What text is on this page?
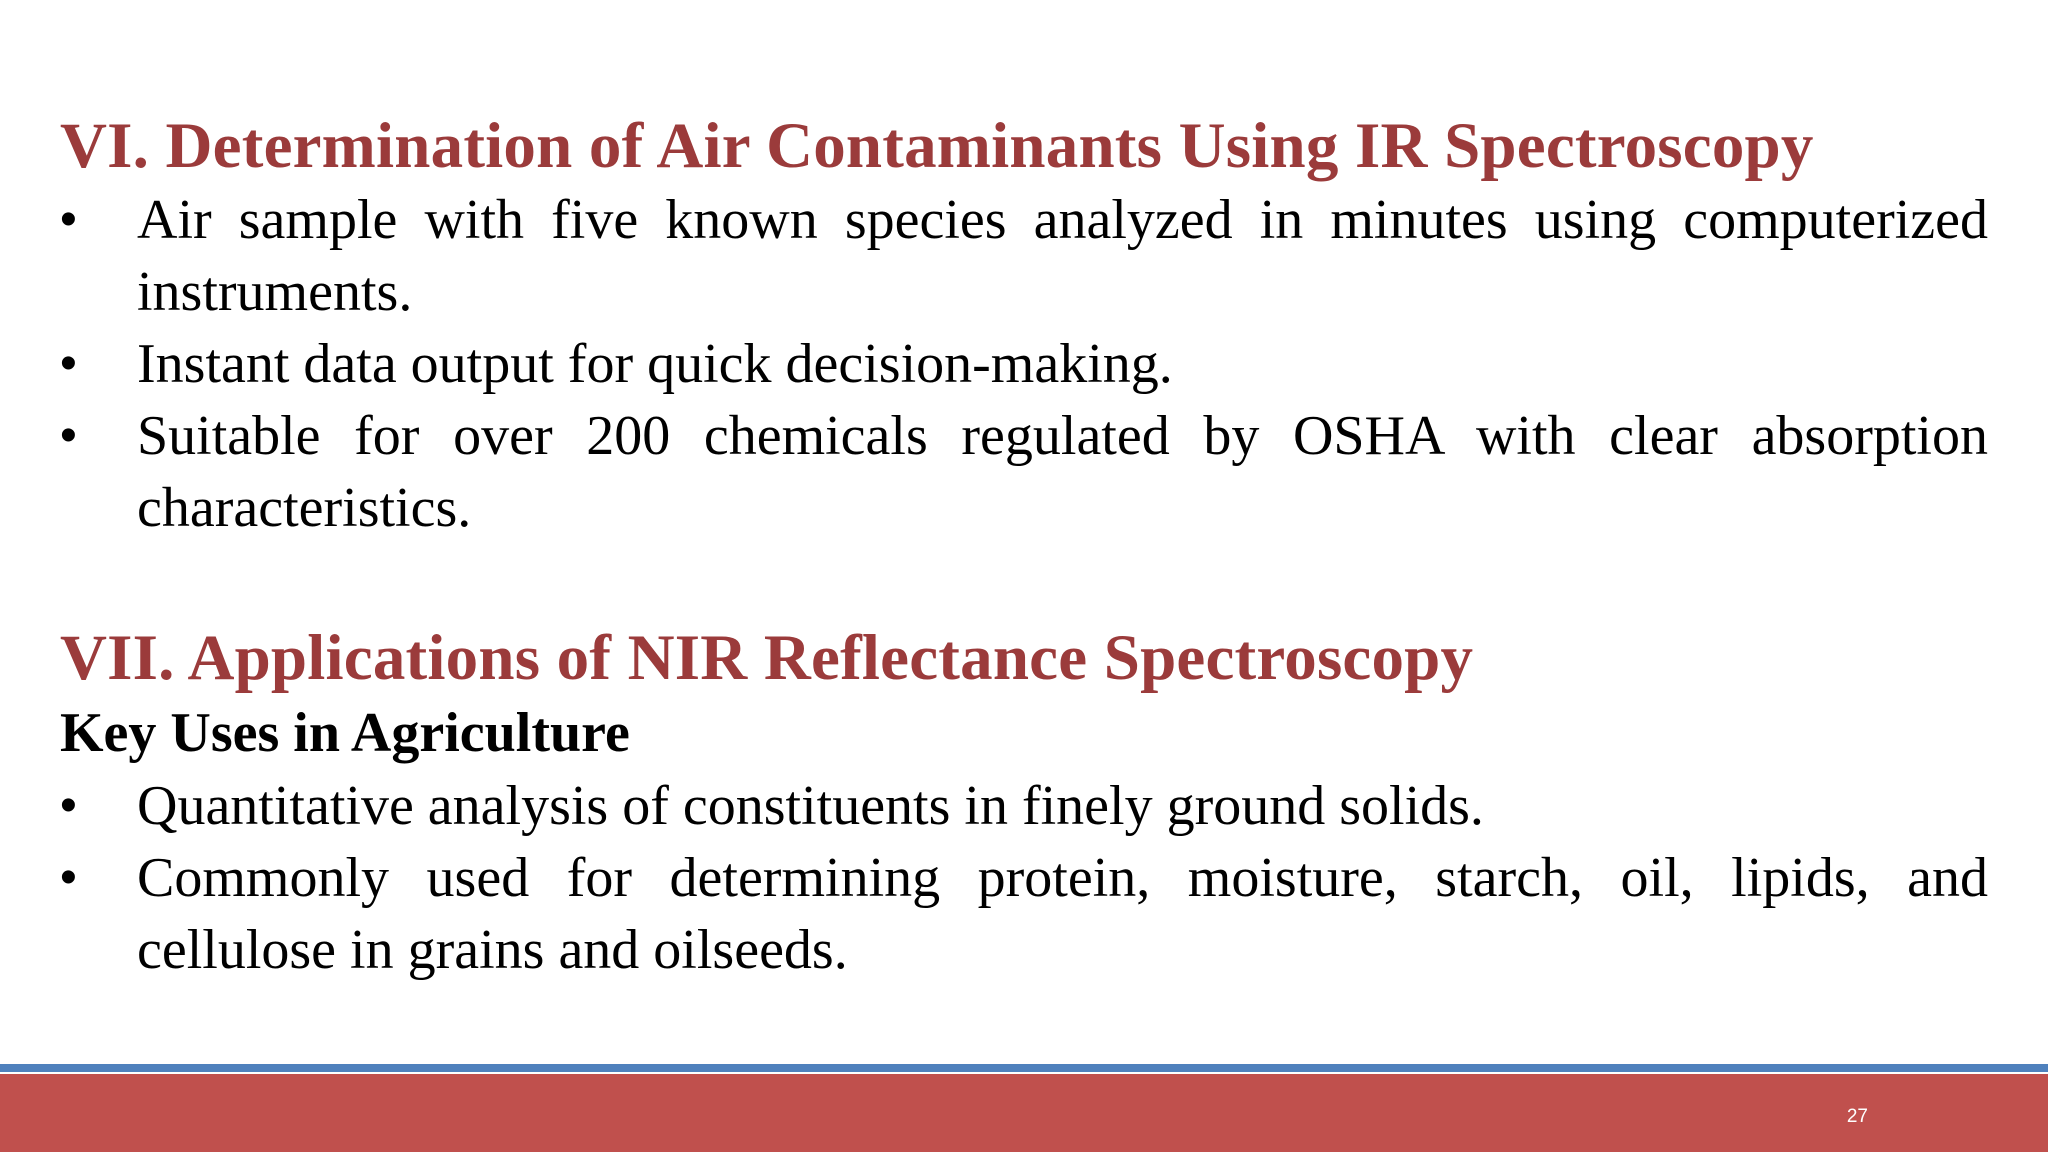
VI. Determination of Air Contaminants Using IR Spectroscopy
•	Air sample with five known species analyzed in minutes using computerized instruments.
•	Instant data output for quick decision-making.
•	Suitable for over 200 chemicals regulated by OSHA with clear absorption characteristics.
VII. Applications of NIR Reflectance Spectroscopy
Key Uses in Agriculture
•	Quantitative analysis of constituents in finely ground solids.
•	Commonly used for determining protein, moisture, starch, oil, lipids, and cellulose in grains and oilseeds.
27
